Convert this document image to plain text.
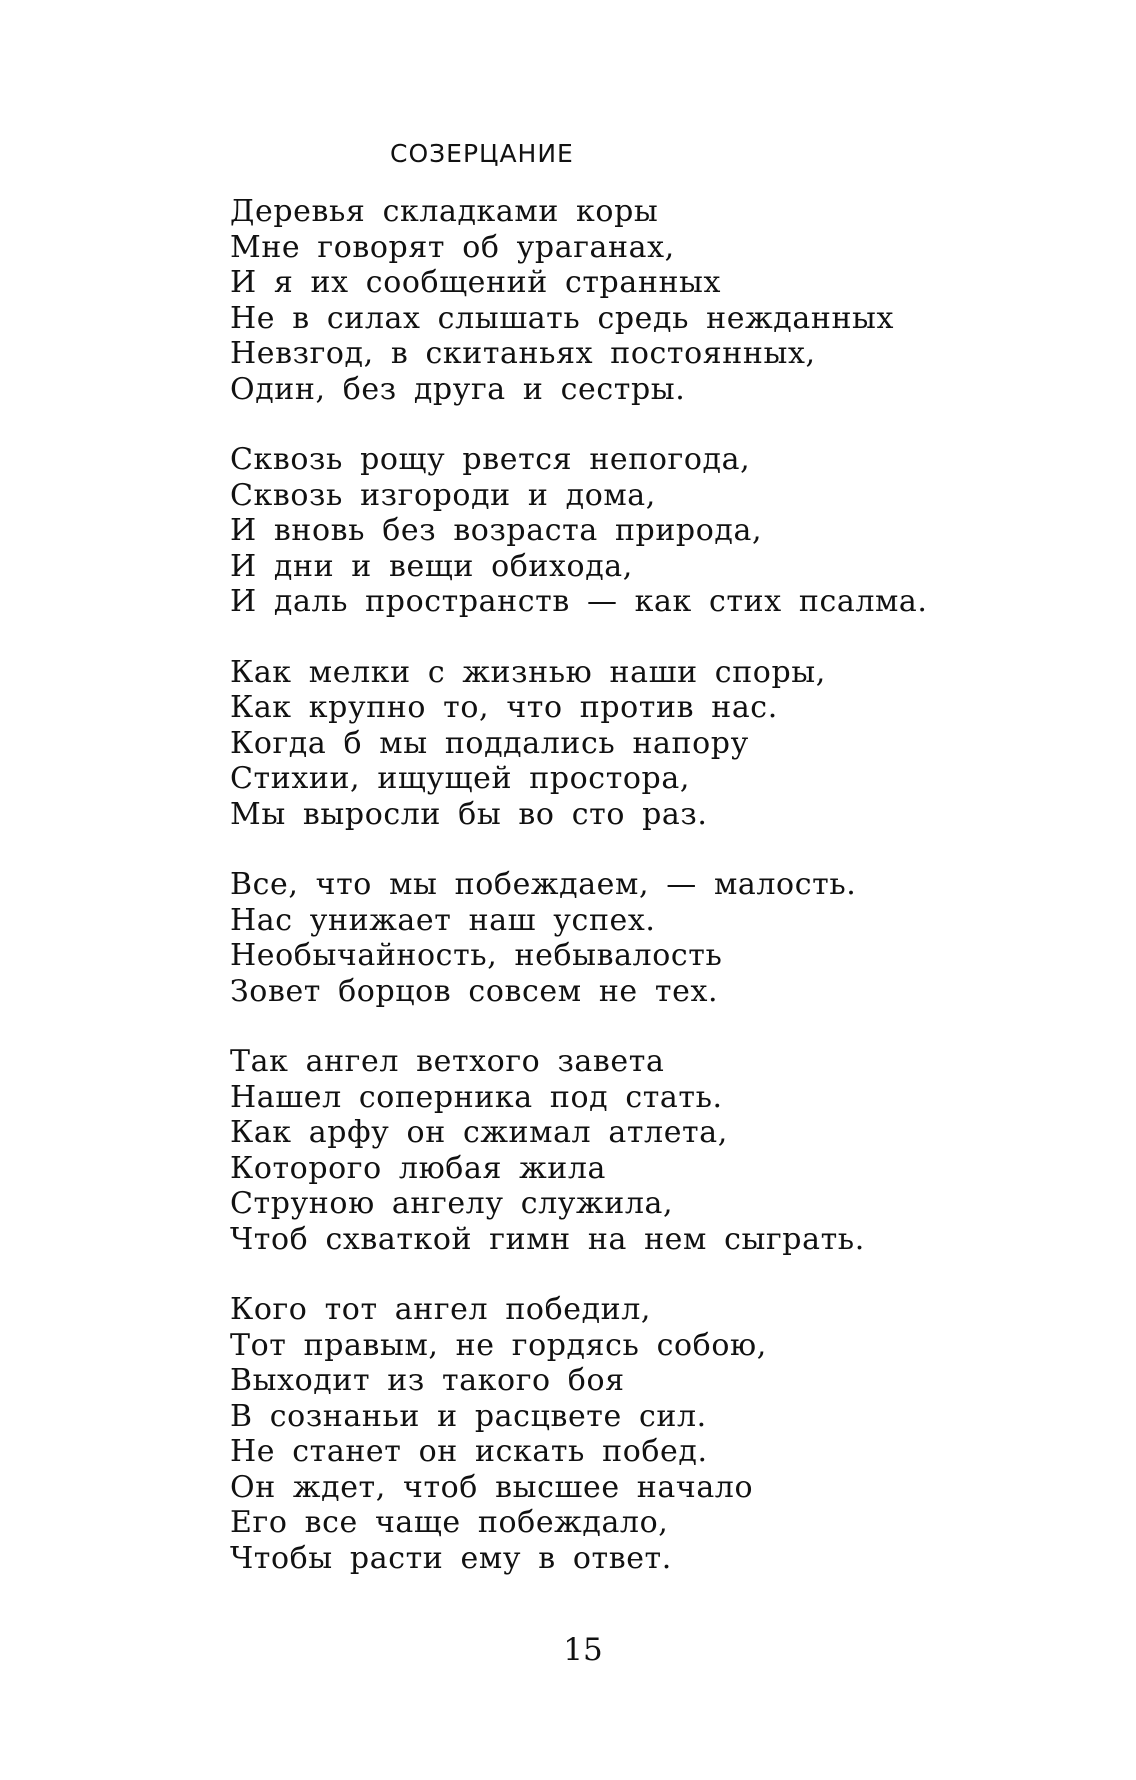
СОЗЕРЦАНИЕ
Деревья складками коры
Мне говорят об ураганах,
И я их сообщений странных
Не в силах слышать средь нежданных
Невзгод, в скитаньях постоянных,
Один, без друга и сестры.
Сквозь рощу рвется непогода,
Сквозь изгороди и дома,
И вновь без возраста природа,
И дни и вещи обихода,
И даль пространств — как стих псалма.
Как мелки с жизнью наши споры,
Как крупно то, что против нас.
Когда б мы поддались напору
Стихии, ищущей простора,
Мы выросли бы во сто раз.
Все, что мы побеждаем, — малость.
Нас унижает наш успех.
Необычайность, небывалость
Зовет борцов совсем не тех.
Так ангел ветхого завета
Нашел соперника под стать.
Как арфу он сжимал атлета,
Которого любая жила
Струною ангелу служила,
Чтоб схваткой гимн на нем сыграть.
Кого тот ангел победил,
Тот правым, не гордясь собою,
Выходит из такого боя
В сознаньи и расцвете сил.
Не станет он искать побед.
Он ждет, чтоб высшее начало
Его все чаще побеждало,
Чтобы расти ему в ответ.
15
